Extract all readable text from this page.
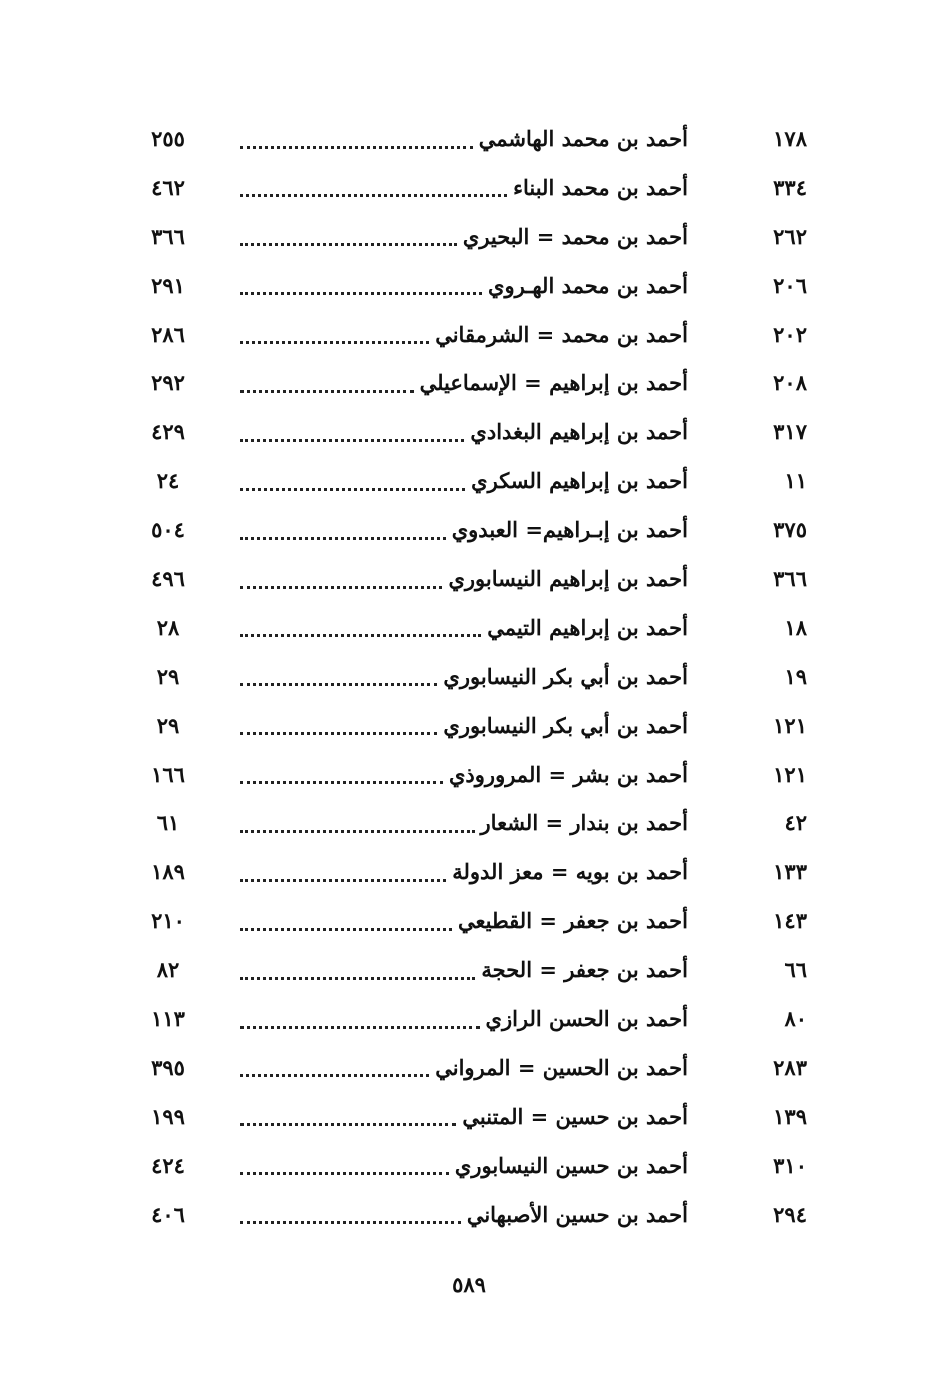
١٧٨
أحمد بن محمد الهاشمي
٢٥٥
٣٣٤
أحمد بن محمد البناء
٤٦٢
٢٦٢
أحمد بن محمد = البحيري
٣٦٦
٢٠٦
أحمد بن محمد الهـروي
٢٩١
٢٠٢
أحمد بن محمد = الشرمقاني
٢٨٦
٢٠٨
أحمد بن إبراهيم = الإسماعيلي
٢٩٢
٣١٧
أحمد بن إبراهيم البغدادي
٤٢٩
١١
أحمد بن إبراهيم السكري
٢٤
٣٧٥
أحمد بن إبـراهيم= العبدوي
٥٠٤
٣٦٦
أحمد بن إبراهيم النيسابوري
٤٩٦
١٨
أحمد بن إبراهيم التيمي
٢٨
١٩
أحمد بن أبي بكر النيسابوري
٢٩
١٢١
أحمد بن أبي بكر النيسابوري
٢٩
١٢١
أحمد بن بشر = المروروذي
١٦٦
٤٢
أحمد بن بندار = الشعار
٦١
١٣٣
أحمد بن بويه = معز الدولة
١٨٩
١٤٣
أحمد بن جعفر = القطيعي
٢١٠
٦٦
أحمد بن جعفر = الحجة
٨٢
٨٠
أحمد بن الحسن الرازي
١١٣
٢٨٣
أحمد بن الحسين = المرواني
٣٩٥
١٣٩
أحمد بن حسين = المتنبي
١٩٩
٣١٠
أحمد بن حسين النيسابوري
٤٢٤
٢٩٤
أحمد بن حسين الأصبهاني
٤٠٦
٥٨٩
